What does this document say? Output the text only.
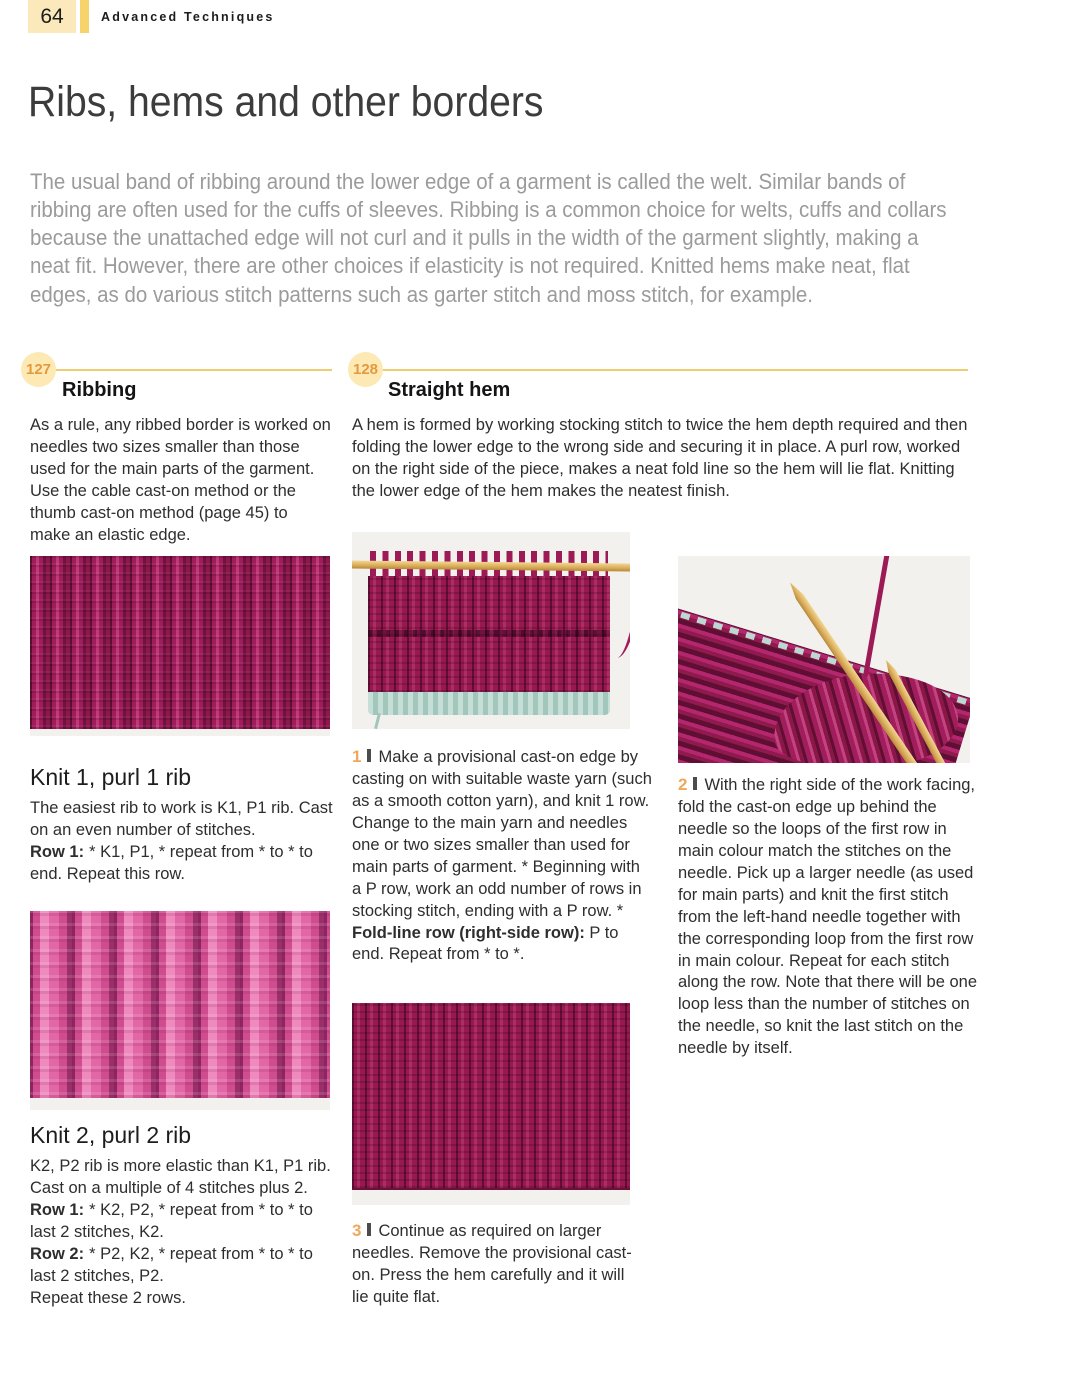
64	Advanced Techniques
Ribs, hems and other borders

The usual band of ribbing around the lower edge of a garment is called the welt. Similar bands of ribbing are often used for the cuffs of sleeves. Ribbing is a common choice for welts, cuffs and collars because the unattached edge will not curl and it pulls in the width of the garment slightly, making a neat fit. However, there are other choices if elasticity is not required. Knitted hems make neat, flat edges, as do various stitch patterns such as garter stitch and moss stitch, for example.

127	128
Ribbing	Straight hem

As a rule, any ribbed border is worked on needles two sizes smaller than those used for the main parts of the garment. Use the cable cast-on method or the thumb cast-on method (page 45) to make an elastic edge.

A hem is formed by working stocking stitch to twice the hem depth required and then folding the lower edge to the wrong side and securing it in place. A purl row, worked on the right side of the piece, makes a neat fold line so the hem will lie flat. Knitting the lower edge of the hem makes the neatest finish.

Knit 1, purl 1 rib

The easiest rib to work is K1, P1 rib. Cast on an even number of stitches.

Row 1: * K1, P1, * repeat from * to * to end. Repeat this row.

Knit 2, purl 2 rib

K2, P2 rib is more elastic than K1, P1 rib. Cast on a multiple of 4 stitches plus 2.

Row 1: * K2, P2, * repeat from * to * to last 2 stitches, K2.

Row 2: * P2, K2, * repeat from * to * to last 2 stitches, P2.

Repeat these 2 rows.

1 Make a provisional cast-on edge by casting on with suitable waste yarn (such as a smooth cotton yarn), and knit 1 row. Change to the main yarn and needles one or two sizes smaller than used for main parts of garment. * Beginning with a P row, work an odd number of rows in stocking stitch, ending with a P row. * Fold-line row (right-side row): P to end. Repeat from * to *.

2 With the right side of the work facing, fold the cast-on edge up behind the needle so the loops of the first row in main colour match the stitches on the needle. Pick up a larger needle (as used for main parts) and knit the first stitch from the left-hand needle together with the corresponding loop from the first row in main colour. Repeat for each stitch along the row. Note that there will be one loop less than the number of stitches on the needle, so knit the last stitch on the needle by itself.

3 Continue as required on larger needles. Remove the provisional cast-on. Press the hem carefully and it will lie quite flat.
